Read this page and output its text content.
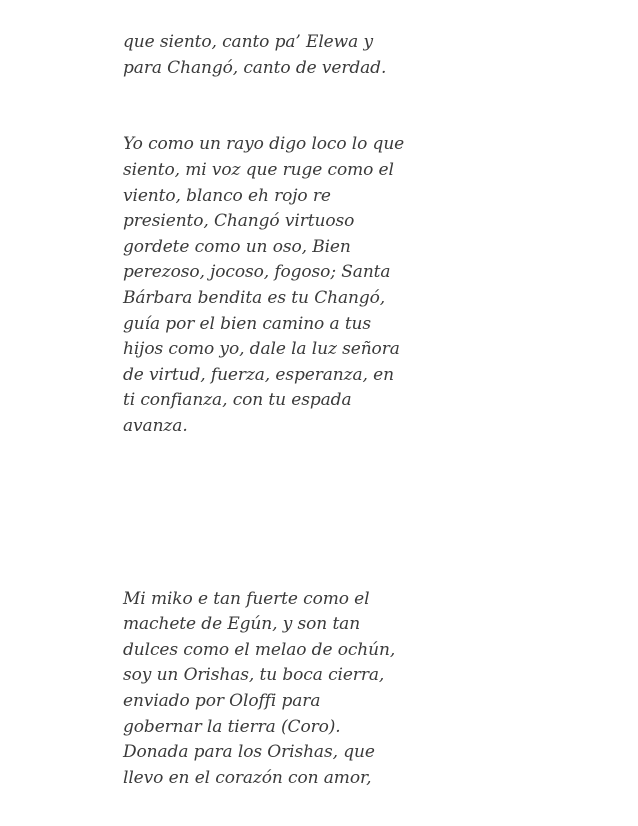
que siento, canto pa’ Elewa y

para Changó, canto de verdad.

Yo como un rayo digo loco lo que

siento, mi voz que ruge como el

viento, blanco eh rojo re

presiento, Changó virtuoso

gordete como un oso, Bien

perezoso, jocoso, fogoso; Santa

Bárbara bendita es tu Changó,

guía por el bien camino a tus

hijos como yo, dale la luz señora

de virtud, fuerza, esperanza, en

ti confianza, con tu espada

avanza.

Mi miko e tan fuerte como el

machete de Egún, y son tan

dulces como el melao de ochún,

soy un Orishas, tu boca cierra,

enviado por Oloffi para

gobernar la tierra (Coro).

Donada para los Orishas, que

llevo en el corazón con amor,
